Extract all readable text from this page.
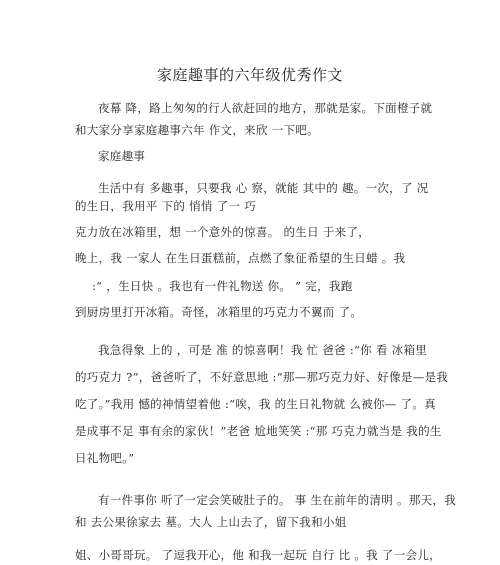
家庭趣事的六年级优秀作文
夜幕 降，路上匆匆的行人欲赶回的地方，那就是家。下面橙子就
和大家分享家庭趣事六年 作文，来欣 一下吧。
家庭趣事
生活中有 多趣事，只要我 心 察，就能 其中的 趣。一次，了 况
的生日，我用平 下的 悄悄 了一 巧
克力放在冰箱里，想 一个意外的惊喜。 的生日 于来了，
晚上，我 一家人 在生日蛋糕前，点燃了象征希望的生日蜡 。我
:“ ，生日快 。我也有一件礼物送 你。 ” 完，我跑
到厨房里打开冰箱。奇怪，冰箱里的巧克力不翼而 了。
我急得象 上的 ，可是 准 的惊喜啊！我 忙 爸爸 :“你 看 冰箱里
的巧克力 ?”，爸爸听了，不好意思地 :“那—那巧克力好、好像是—是我
吃了。”我用 憾的神情望着他 :“唉，我 的生日礼物就 么被你— 了。真
是成事不足 事有余的家伙！”老爸 尬地笑笑 :“那 巧克力就当是 我的生
日礼物吧。”
有一件事你 听了一定会笑破肚子的。 事 生在前年的清明 。那天，我
和 去公果徐家去 墓。大人 上山去了，留下我和小姐
姐、小哥哥玩。 了逗我开心，他 和我一起玩 自行 比 。我 了一会儿，
